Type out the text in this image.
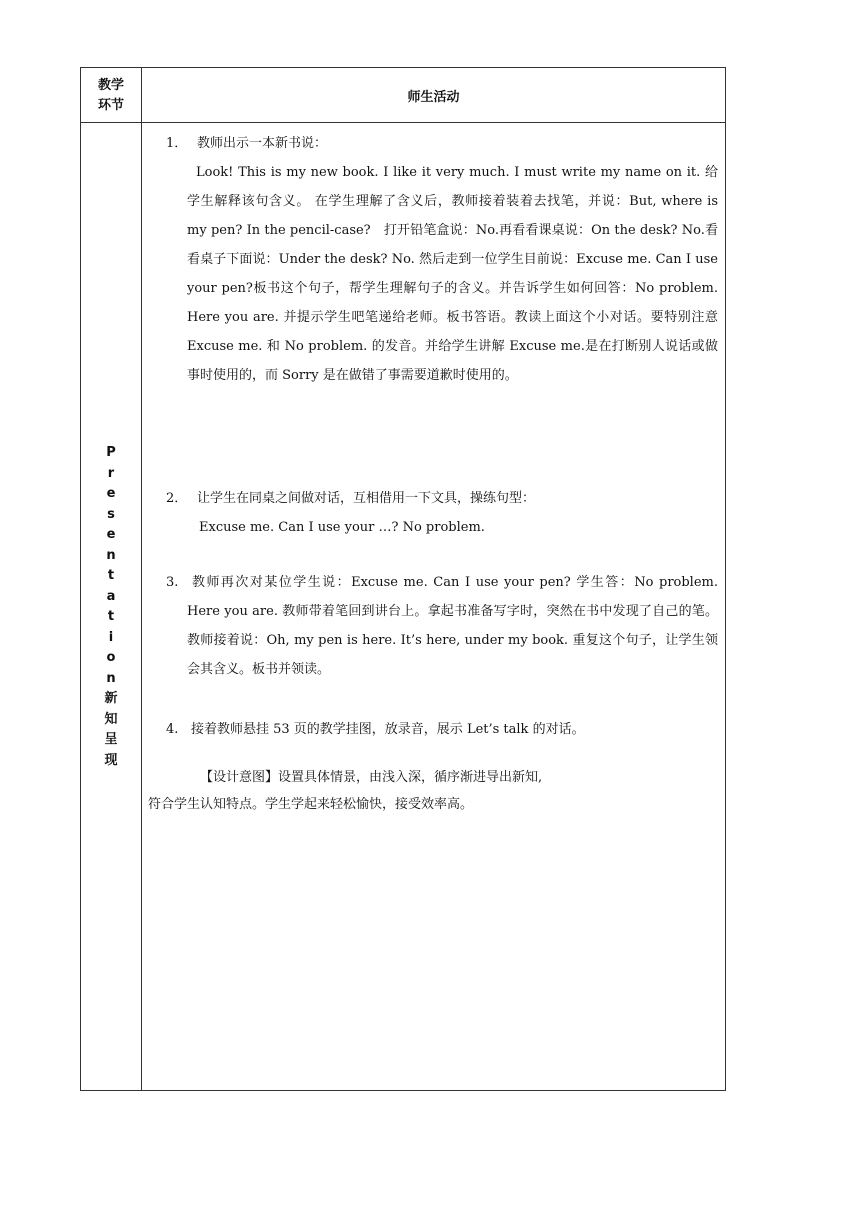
教学
环节	师生活动
P
r
e
s
e
n
t
a
t
i
o
n
新
知
呈
现
1． 教师出示一本新书说：
Look! This is my new book. I like it very much. I must write my name on it. 给学生解释该句含义。 在学生理解了含义后，教师接着装着去找笔，并说：But, where is my pen? In the pencil-case?　打开铅笔盒说：No.再看看课桌说：On the desk? No.看看桌子下面说：Under the desk? No. 然后走到一位学生目前说：Excuse me. Can I use your pen?板书这个句子，帮学生理解句子的含义。并告诉学生如何回答：No problem. Here you are. 并提示学生吧笔递给老师。板书答语。教读上面这个小对话。要特别注意 Excuse me. 和 No problem. 的发音。并给学生讲解 Excuse me.是在打断别人说话或做事时使用的，而 Sorry 是在做错了事需要道歉时使用的。
2． 让学生在同桌之间做对话，互相借用一下文具，操练句型：
Excuse me. Can I use your …? No problem.
3.	教师再次对某位学生说：Excuse me. Can I use your pen? 学生答：No problem. Here you are. 教师带着笔回到讲台上。拿起书准备写字时，突然在书中发现了自己的笔。教师接着说：Oh, my pen is here. It’s here, under my book. 重复这个句子，让学生领会其含义。板书并领读。
4. 接着教师悬挂 53 页的教学挂图，放录音，展示 Let’s talk 的对话。
【设计意图】设置具体情景，由浅入深，循序渐进导出新知,
符合学生认知特点。学生学起来轻松愉快，接受效率高。
